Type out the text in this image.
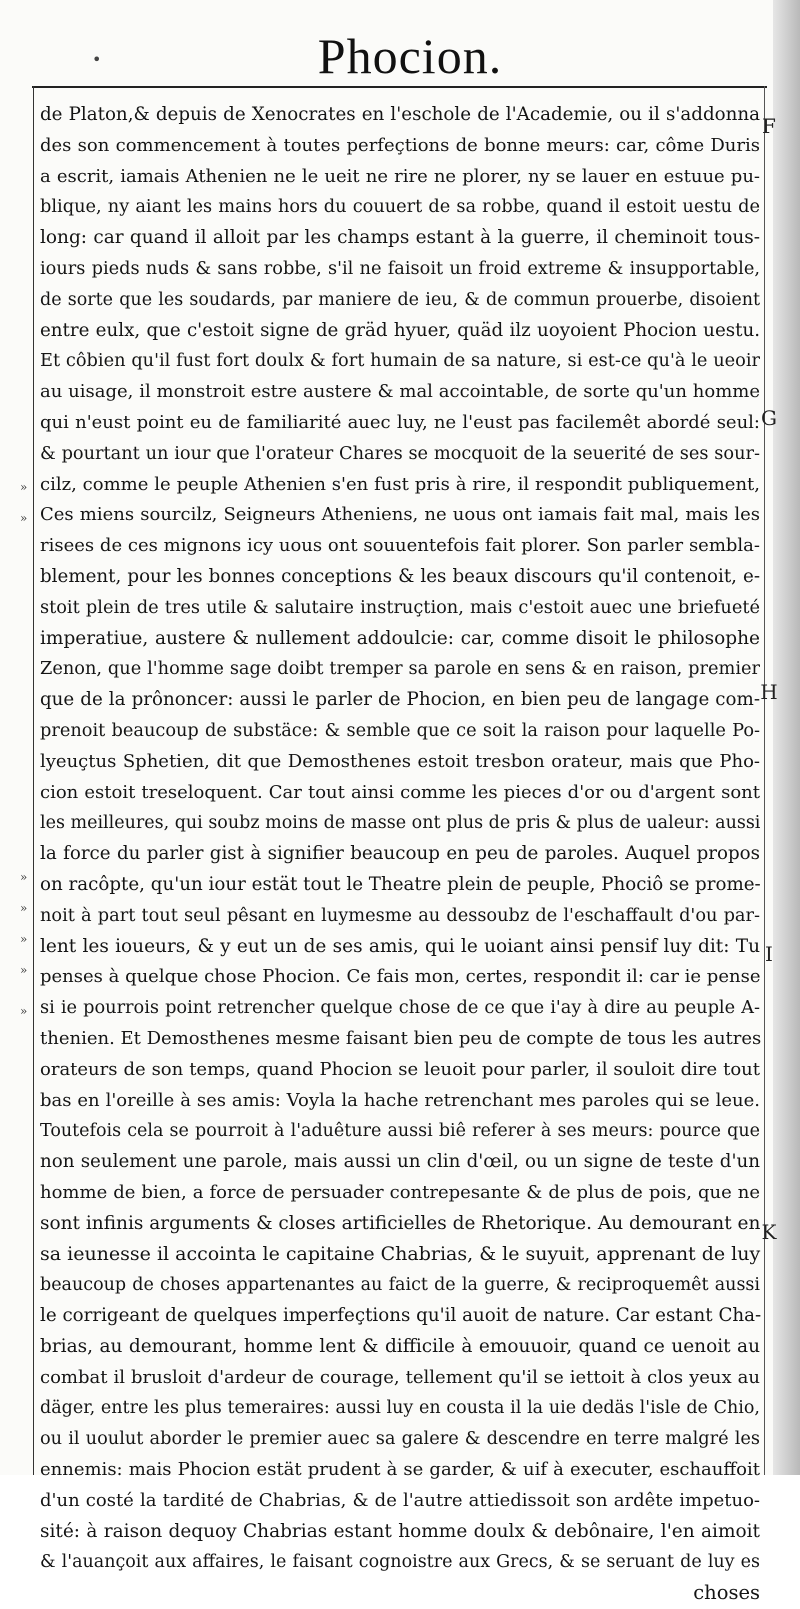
•	Phocion.
»
»
»
»
»
»
»
de Platon,& depuis de Xenocrates en l'eschole de l'Academie, ou il s'addonna
des son commencement à toutes perfeçtions de bonne meurs: car, côme Duris
a escrit, iamais Athenien ne le ueit ne rire ne plorer, ny se lauer en estuue pu-
blique, ny aiant les mains hors du couuert de sa robbe, quand il estoit uestu de
long: car quand il alloit par les champs estant à la guerre, il cheminoit tous-
iours pieds nuds & sans robbe, s'il ne faisoit un froid extreme & insupportable,
de sorte que les soudards, par maniere de ieu, & de commun prouerbe, disoient
entre eulx, que c'estoit signe de gräd hyuer, quäd ilz uoyoient Phocion uestu.
Et côbien qu'il fust fort doulx & fort humain de sa nature, si est-ce qu'à le ueoir
au uisage, il monstroit estre austere & mal accointable, de sorte qu'un homme
qui n'eust point eu de familiarité auec luy, ne l'eust pas facilemêt abordé seul:
& pourtant un iour que l'orateur Chares se mocquoit de la seuerité de ses sour-
cilz, comme le peuple Athenien s'en fust pris à rire, il respondit publiquement,
Ces miens sourcilz, Seigneurs Atheniens, ne uous ont iamais fait mal, mais les
risees de ces mignons icy uous ont souuentefois fait plorer. Son parler sembla-
blement, pour les bonnes conceptions & les beaux discours qu'il contenoit, e-
stoit plein de tres utile & salutaire instruçtion, mais c'estoit auec une briefueté
imperatiue, austere & nullement addoulcie: car, comme disoit le philosophe
Zenon, que l'homme sage doibt tremper sa parole en sens & en raison, premier
que de la prônoncer: aussi le parler de Phocion, en bien peu de langage com-
prenoit beaucoup de substäce: & semble que ce soit la raison pour laquelle Po-
lyeuçtus Sphetien, dit que Demosthenes estoit tresbon orateur, mais que Pho-
cion estoit treseloquent. Car tout ainsi comme les pieces d'or ou d'argent sont
les meilleures, qui soubz moins de masse ont plus de pris & plus de ualeur: aussi
la force du parler gist à signifier beaucoup en peu de paroles. Auquel propos
on racôpte, qu'un iour estät tout le Theatre plein de peuple, Phociô se prome-
noit à part tout seul pêsant en luymesme au dessoubz de l'eschaffault d'ou par-
lent les ioueurs, & y eut un de ses amis, qui le uoiant ainsi pensif luy dit: Tu
penses à quelque chose Phocion. Ce fais mon, certes, respondit il: car ie pense
si ie pourrois point retrencher quelque chose de ce que i'ay à dire au peuple A-
thenien. Et Demosthenes mesme faisant bien peu de compte de tous les autres
orateurs de son temps, quand Phocion se leuoit pour parler, il souloit dire tout
bas en l'oreille à ses amis: Voyla la hache retrenchant mes paroles qui se leue.
Toutefois cela se pourroit à l'aduêture aussi biê referer à ses meurs: pource que
non seulement une parole, mais aussi un clin d'œil, ou un signe de teste d'un
homme de bien, a force de persuader contrepesante & de plus de pois, que ne
sont infinis arguments & closes artificielles de Rhetorique. Au demourant en
sa ieunesse il accointa le capitaine Chabrias, & le suyuit, apprenant de luy
beaucoup de choses appartenantes au faict de la guerre, & reciproquemêt aussi
le corrigeant de quelques imperfeçtions qu'il auoit de nature. Car estant Cha-
brias, au demourant, homme lent & difficile à emouuoir, quand ce uenoit au
combat il brusloit d'ardeur de courage, tellement qu'il se iettoit à clos yeux au
däger, entre les plus temeraires: aussi luy en cousta il la uie dedäs l'isle de Chio,
ou il uoulut aborder le premier auec sa galere & descendre en terre malgré les
ennemis: mais Phocion estät prudent à se garder, & uif à executer, eschauffoit
d'un costé la tardité de Chabrias, & de l'autre attiedissoit son ardête impetuo-
sité: à raison dequoy Chabrias estant homme doulx & debônaire, l'en aimoit
& l'auançoit aux affaires, le faisant cognoistre aux Grecs, & se seruant de luy es
choses
F
G
H
I
K
